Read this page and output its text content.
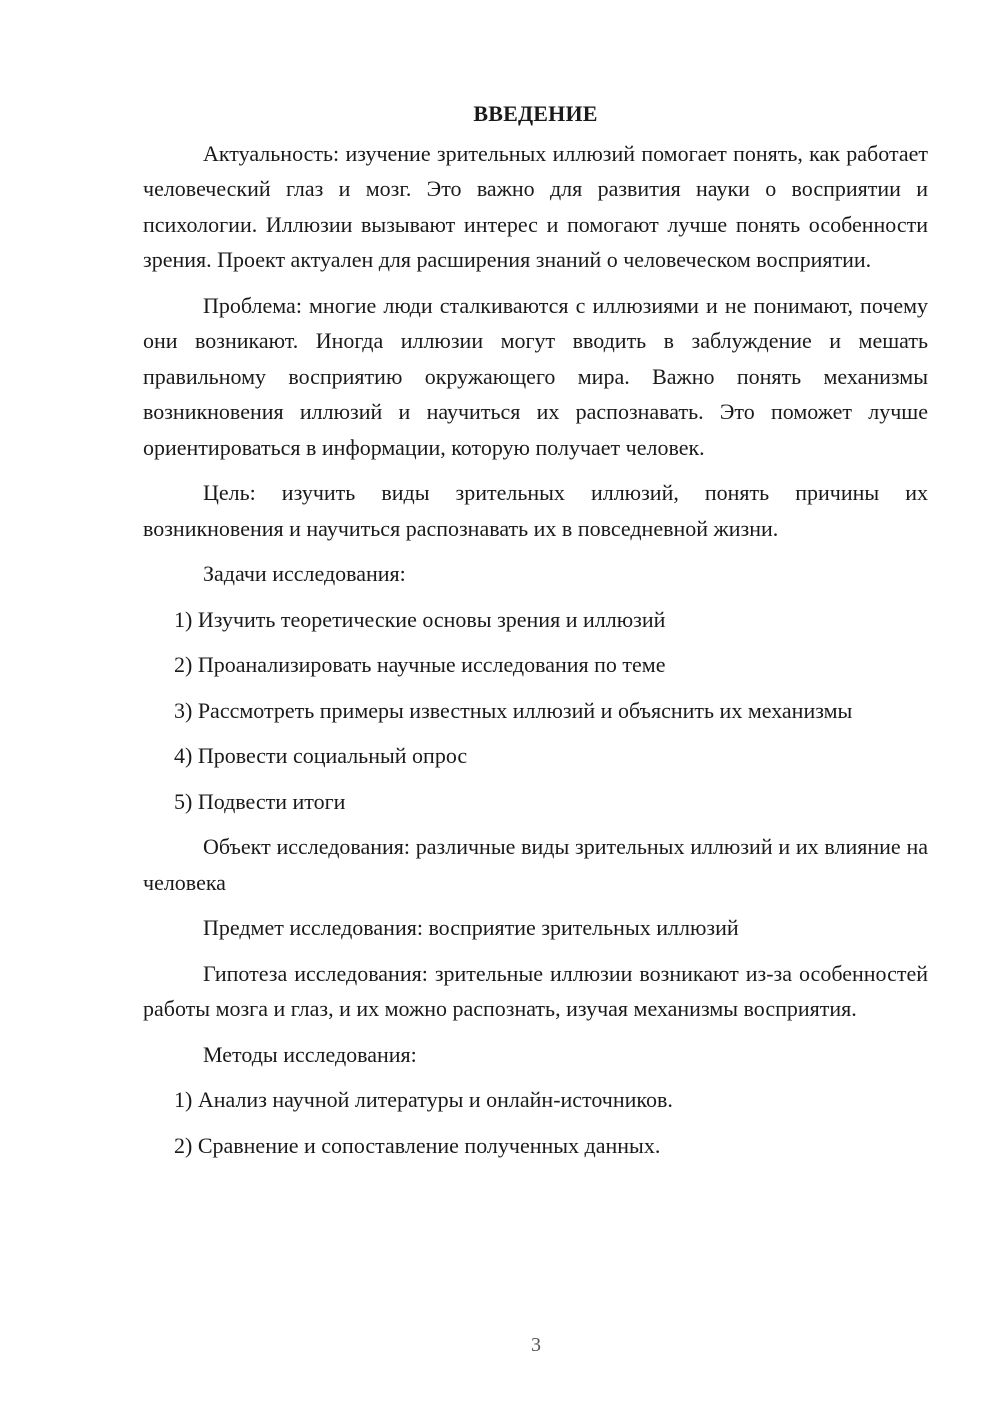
ВВЕДЕНИЕ

Актуальность: изучение зрительных иллюзий помогает понять, как работает человеческий глаз и мозг. Это важно для развития науки о восприятии и психологии. Иллюзии вызывают интерес и помогают лучше понять особенности зрения. Проект актуален для расширения знаний о человеческом восприятии.

Проблема: многие люди сталкиваются с иллюзиями и не понимают, почему они возникают. Иногда иллюзии могут вводить в заблуждение и мешать правильному восприятию окружающего мира. Важно понять механизмы возникновения иллюзий и научиться их распознавать. Это поможет лучше ориентироваться в информации, которую получает человек.

Цель: изучить виды зрительных иллюзий, понять причины их возникновения и научиться распознавать их в повседневной жизни.

Задачи исследования:

1) Изучить теоретические основы зрения и иллюзий

2) Проанализировать научные исследования по теме

3) Рассмотреть примеры известных иллюзий и объяснить их механизмы

4) Провести социальный опрос

5) Подвести итоги

Объект исследования: различные виды зрительных иллюзий и их влияние на человека

Предмет исследования: восприятие зрительных иллюзий

Гипотеза исследования: зрительные иллюзии возникают из-за особенностей работы мозга и глаз, и их можно распознать, изучая механизмы восприятия.

Методы исследования:

1) Анализ научной литературы и онлайн-источников.

2) Сравнение и сопоставление полученных данных.

3
